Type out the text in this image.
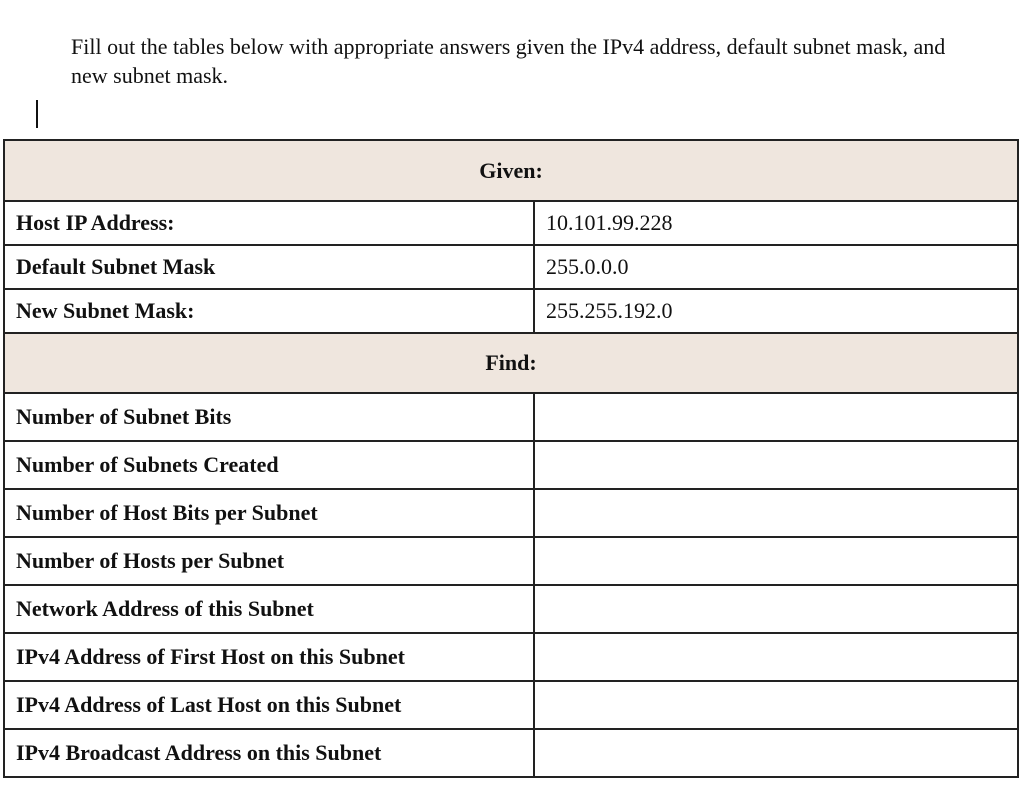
Fill out the tables below with appropriate answers given the IPv4 address, default subnet mask, and new subnet mask.

Given:	
Host IP Address:	10.101.99.228
Default Subnet Mask	255.0.0.0
New Subnet Mask:	255.255.192.0
Find:	
Number of Subnet Bits	
Number of Subnets Created	
Number of Host Bits per Subnet	
Number of Hosts per Subnet	
Network Address of this Subnet	
IPv4 Address of First Host on this Subnet	
IPv4 Address of Last Host on this Subnet	
IPv4 Broadcast Address on this Subnet	
